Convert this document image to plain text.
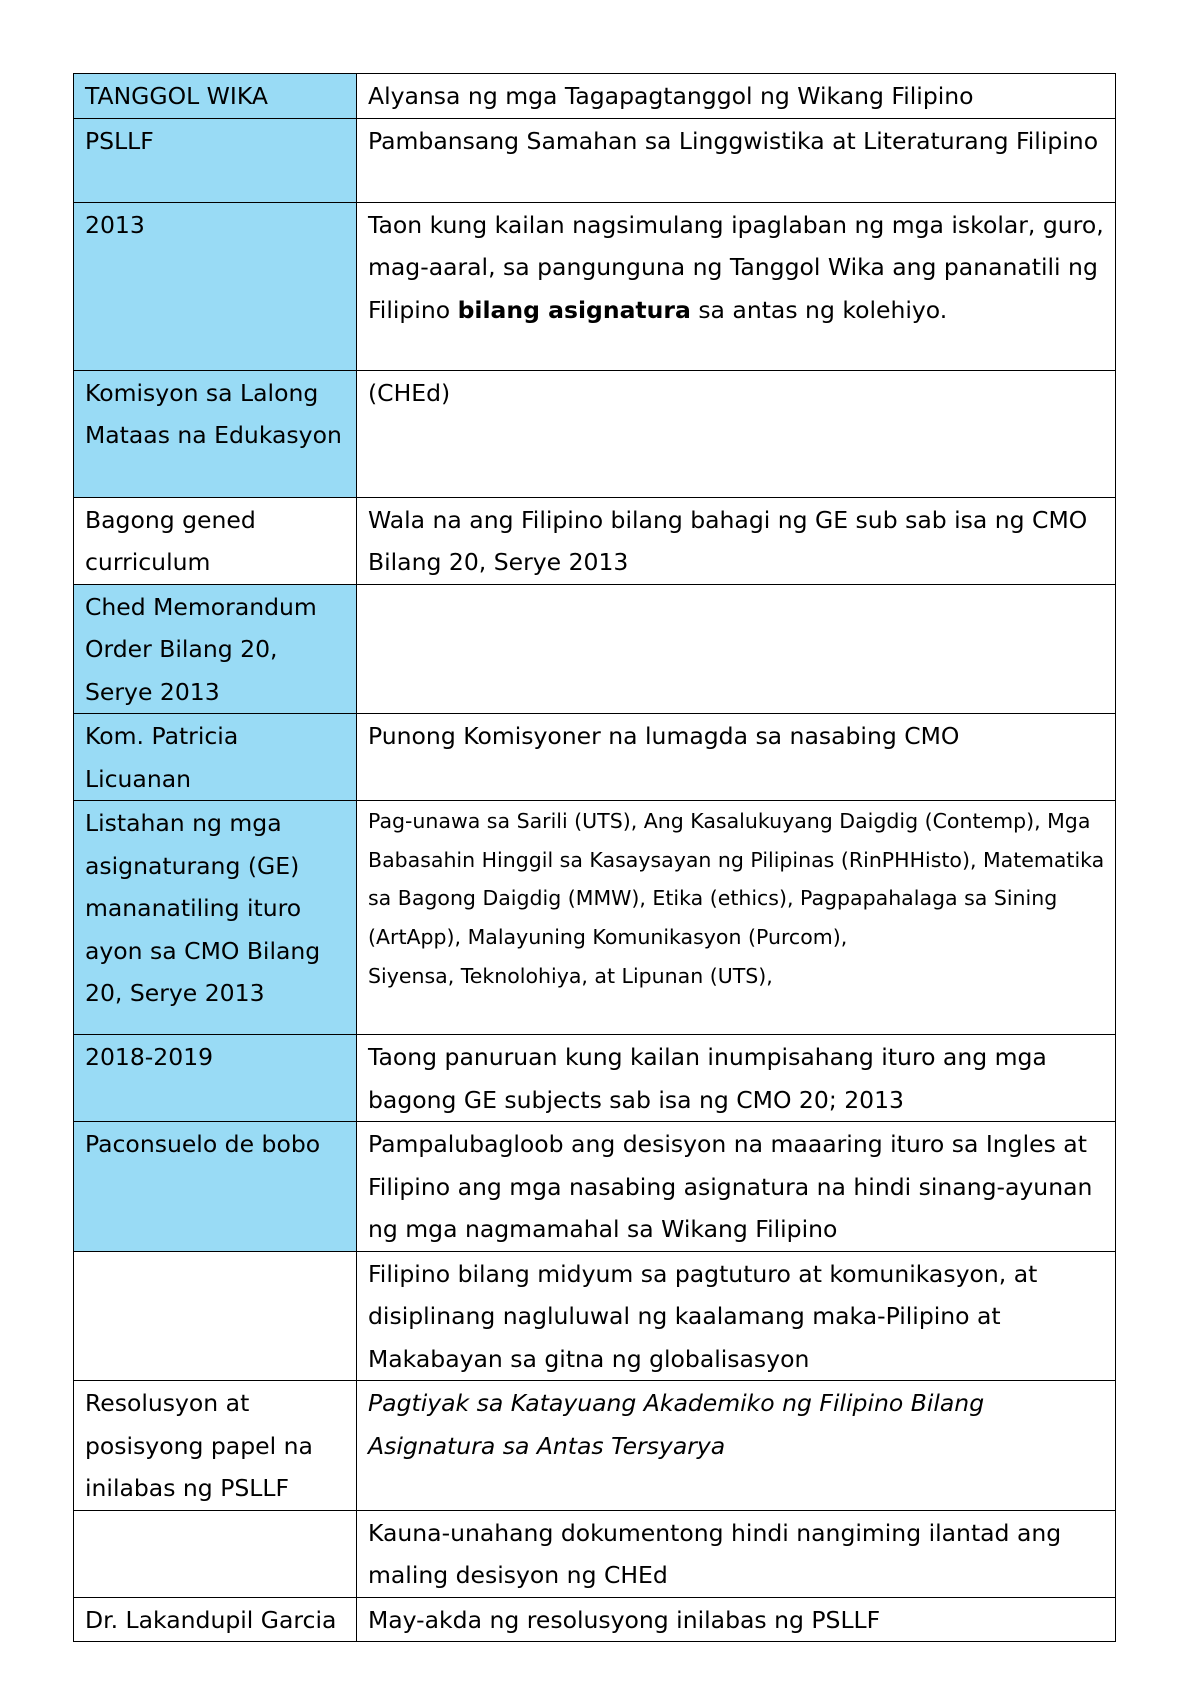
TANGGOL WIKA	Alyansa ng mga Tagapagtanggol ng Wikang Filipino
PSLLF	Pambansang Samahan sa Linggwistika at Literaturang Filipino
2013	Taon kung kailan nagsimulang ipaglaban ng mga iskolar, guro, mag-aaral, sa pangunguna ng Tanggol Wika ang pananatili ng Filipino bilang asignatura sa antas ng kolehiyo.
Komisyon sa Lalong Mataas na Edukasyon	(CHEd)
Bagong gened curriculum	Wala na ang Filipino bilang bahagi ng GE sub sab isa ng CMO Bilang 20, Serye 2013
Ched Memorandum Order Bilang 20, Serye 2013	
Kom. Patricia Licuanan	Punong Komisyoner na lumagda sa nasabing CMO
Listahan ng mga asignaturang (GE) mananatiling ituro ayon sa CMO Bilang 20, Serye 2013	Pag-unawa sa Sarili (UTS), Ang Kasalukuyang Daigdig (Contemp), Mga Babasahin Hinggil sa Kasaysayan ng Pilipinas (RinPHHisto), Matematika sa Bagong Daigdig (MMW), Etika (ethics), Pagpapahalaga sa Sining (ArtApp), Malayuning Komunikasyon (Purcom),
Siyensa, Teknolohiya, at Lipunan (UTS),

2018-2019	Taong panuruan kung kailan inumpisahang ituro ang mga bagong GE subjects sab isa ng CMO 20; 2013
Paconsuelo de bobo	Pampalubagloob ang desisyon na maaaring ituro sa Ingles at Filipino ang mga nasabing asignatura na hindi sinang-ayunan ng mga nagmamahal sa Wikang Filipino
	Filipino bilang midyum sa pagtuturo at komunikasyon, at disiplinang nagluluwal ng kaalamang maka-Pilipino at Makabayan sa gitna ng globalisasyon
Resolusyon at posisyong papel na inilabas ng PSLLF	Pagtiyak sa Katayuang Akademiko ng Filipino Bilang Asignatura sa Antas Tersyarya
	Kauna-unahang dokumentong hindi nangiming ilantad ang maling desisyon ng CHEd
Dr. Lakandupil Garcia	May-akda ng resolusyong inilabas ng PSLLF
